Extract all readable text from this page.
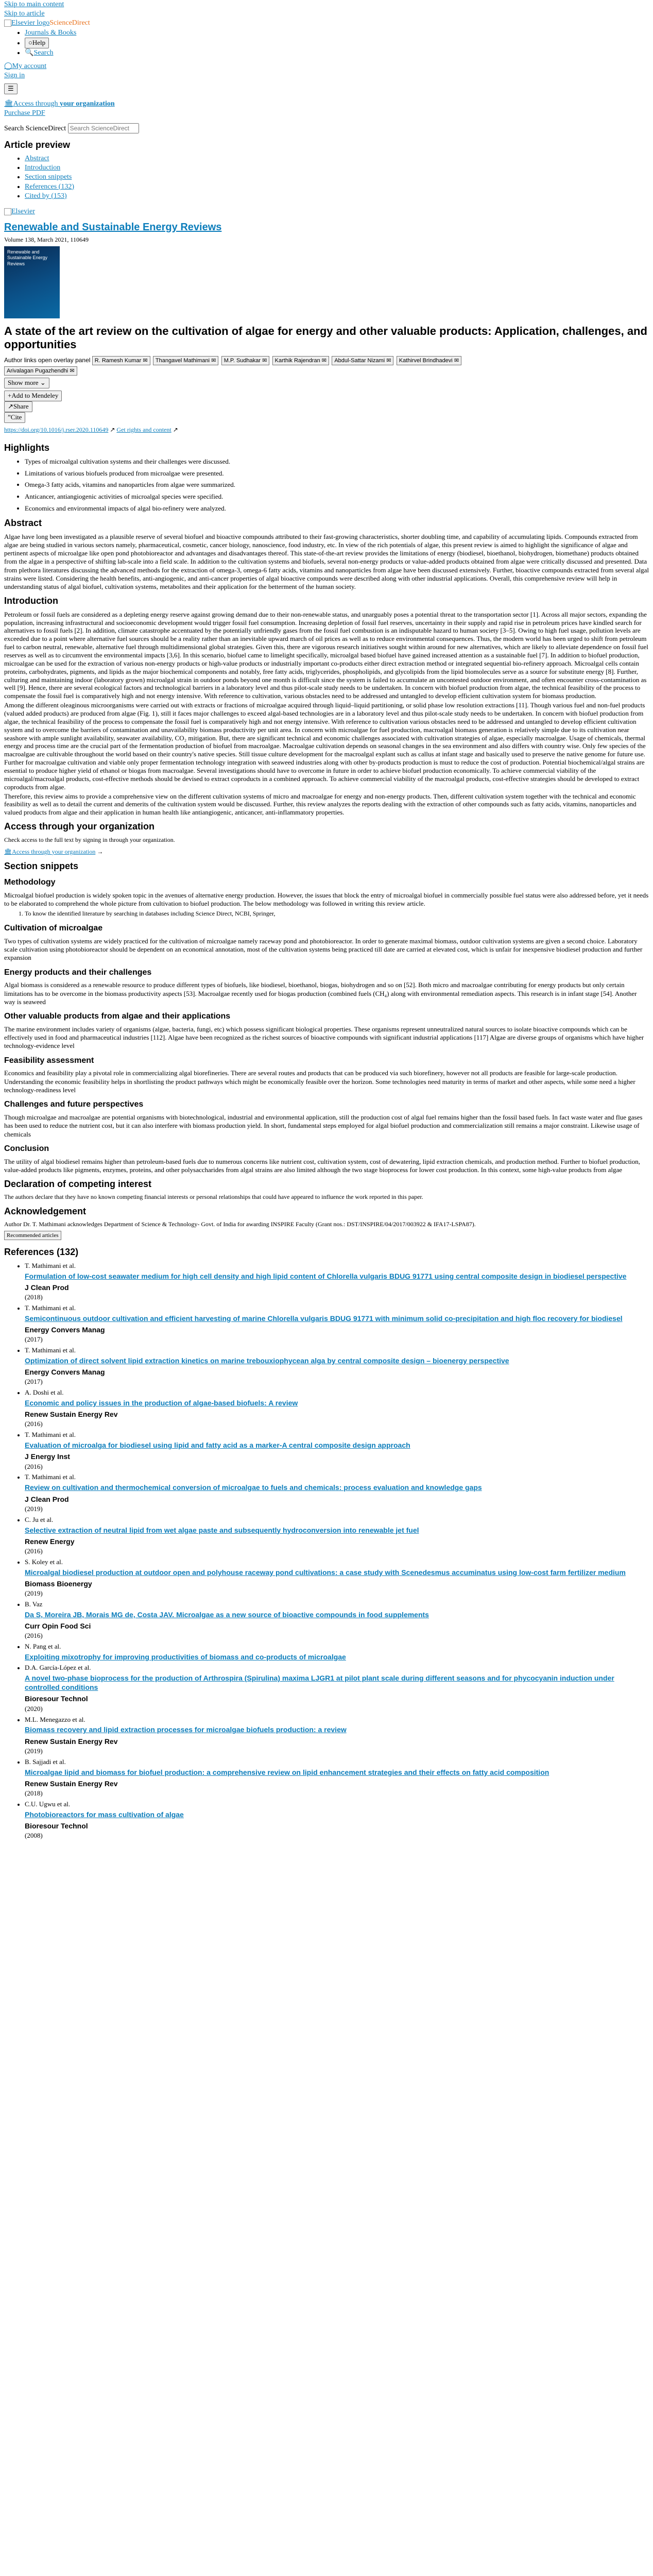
Skip to main content
Skip to article
Elsevier logoScienceDirect
• Journals & Books
• ○Help
• 🔍Search
◯My account
Sign in
☰
🏛Access through your organization
Purchase PDF
Search ScienceDirect Search ScienceDirect
Article preview
• Abstract
• Introduction
• Section snippets
• References (132)
• Cited by (153)
Elsevier
Renewable and Sustainable Energy Reviews
Volume 138, March 2021, 110649
Renewable and Sustainable Energy Reviews
A state of the art review on the cultivation of algae for energy and other valuable products: Application, challenges, and opportunities
Author links open overlay panel R. Ramesh Kumar ✉ Thangavel Mathimani ✉ M.P. Sudhakar ✉ Karthik Rajendran ✉ Abdul-Sattar Nizami ✉ Kathirvel Brindhadevi ✉
Arivalagan Pugazhendhi ✉
Show more ⌄
+Add to Mendeley
↗Share
”Cite
https://doi.org/10.1016/j.rser.2020.110649 ↗ Get rights and content ↗
Highlights
• Types of microalgal cultivation systems and their challenges were discussed.
• Limitations of various biofuels produced from microalgae were presented.
• Omega-3 fatty acids, vitamins and nanoparticles from algae were summarized.
• Anticancer, antiangiogenic activities of microalgal species were specified.
• Economics and environmental impacts of algal bio-refinery were analyzed.
Abstract

Algae have long been investigated as a plausible reserve of several biofuel and bioactive compounds attributed to their fast-growing characteristics, shorter doubling time, and capability of accumulating lipids. Compounds extracted from algae are being studied in various sectors namely, pharmaceutical, cosmetic, cancer biology, nanoscience, food industry, etc. In view of the rich potentials of algae, this present review is aimed to highlight the significance of algae and pertinent aspects of microalgae like open pond photobioreactor and advantages and disadvantages thereof. This state-of-the-art review provides the limitations of energy (biodiesel, bioethanol, biohydrogen, biomethane) products obtained from the algae in a perspective of shifting lab-scale into a field scale. In addition to the cultivation systems and biofuels, several non-energy products or value-added products obtained from algae were critically discussed and presented. Data from plethora literatures discussing the advanced methods for the extraction of omega-3, omega-6 fatty acids, vitamins and nanoparticles from algae have been discussed extensively. Further, bioactive compounds extracted from several algal strains were listed. Considering the health benefits, anti-angiogenic, and anti-cancer properties of algal bioactive compounds were described along with other industrial applications. Overall, this comprehensive review will help in understanding status of algal biofuel, cultivation systems, metabolites and their application for the betterment of the human society.

Introduction

Petroleum or fossil fuels are considered as a depleting energy reserve against growing demand due to their non-renewable status, and unarguably poses a potential threat to the transportation sector [1]. Across all major sectors, expanding the population, increasing infrastructural and socioeconomic development would trigger fossil fuel consumption. Increasing depletion of fossil fuel reserves, uncertainty in their supply and rapid rise in petroleum prices have kindled search for alternatives to fossil fuels [2]. In addition, climate catastrophe accentuated by the potentially unfriendly gases from the fossil fuel combustion is an indisputable hazard to human society [3–5]. Owing to high fuel usage, pollution levels are exceeded due to a point where alternative fuel sources should be a reality rather than an inevitable upward march of oil prices as well as to reduce environmental consequences. Thus, the modern world has been urged to shift from petroleum fuel to carbon neutral, renewable, alternative fuel through multidimensional global strategies. Given this, there are vigorous research initiatives sought within around for new alternatives, which are likely to alleviate dependence on fossil fuel reserves as well as to circumvent the environmental impacts [3,6]. In this scenario, biofuel came to limelight specifically, microalgal based biofuel have gained increased attention as a sustainable fuel [7]. In addition to biofuel production, microalgae can be used for the extraction of various non-energy products or high-value products or industrially important co-products either direct extraction method or integrated sequential bio-refinery approach. Microalgal cells contain proteins, carbohydrates, pigments, and lipids as the major biochemical components and notably, free fatty acids, triglycerides, phospholipids, and glycolipids from the lipid biomolecules serve as a source for substitute energy [8]. Further, culturing and maintaining indoor (laboratory grown) microalgal strain in outdoor ponds beyond one month is difficult since the system is failed to accumulate an uncontested outdoor environment, and often encounter cross-contamination as well [9]. Hence, there are several ecological factors and technological barriers in a laboratory level and thus pilot-scale study needs to be undertaken. In concern with biofuel production from algae, the technical feasibility of the process to compensate the fossil fuel is comparatively high and not energy intensive. With reference to cultivation, various obstacles need to be addressed and untangled to develop efficient cultivation system for biomass production.

Among the different oleaginous microorganisms were carried out with extracts or fractions of microalgae acquired through liquid–liquid partitioning, or solid phase low resolution extractions [11]. Though various fuel and non-fuel products (valued added products) are produced from algae (Fig. 1), still it faces major challenges to exceed algal-based technologies are in a laboratory level and thus pilot-scale study needs to be undertaken. In concern with biofuel production from algae, the technical feasibility of the process to compensate the fossil fuel is comparatively high and not energy intensive. With reference to cultivation various obstacles need to be addressed and untangled to develop efficient cultivation system and to overcome the barriers of contamination and unavailability biomass productivity per unit area. In concern with microalgae for fuel production, macroalgal biomass generation is relatively simple due to its cultivation near seashore with ample sunlight availability, seawater availability, CO₂ mitigation. But, there are significant technical and economic challenges associated with cultivation strategies of algae, especially macroalgae. Usage of chemicals, thermal energy and process time are the crucial part of the fermentation production of biofuel from macroalgae. Macroalgae cultivation depends on seasonal changes in the sea environment and also differs with country wise. Only few species of the macroalgae are cultivable throughout the world based on their country's native species. Still tissue culture development for the macroalgal explant such as callus at infant stage and basically used to preserve the native genome for future use. Further for macroalgae cultivation and viable only proper fermentation technology integration with seaweed industries along with other by-products production is must to reduce the cost of production. Potential biochemical/algal strains are essential to produce higher yield of ethanol or biogas from macroalgae. Several investigations should have to overcome in future in order to achieve biofuel production economically. To achieve commercial viability of the microalgal/macroalgal products, cost-effective methods should be devised to extract coproducts in a combined approach. To achieve commercial viability of the macroalgal products, cost-effective strategies should be developed to extract coproducts from algae.

Therefore, this review aims to provide a comprehensive view on the different cultivation systems of micro and macroalgae for energy and non-energy products. Then, different cultivation system together with the technical and economic feasibility as well as to detail the current and demerits of the cultivation system would be discussed. Further, this review analyzes the reports dealing with the extraction of other compounds such as fatty acids, vitamins, nanoparticles and valued products from algae and their application in human health like antiangiogenic, anticancer, anti-inflammatory properties.

Access through your organization

Check access to the full text by signing in through your organization.

🏛Access through your organization →
Section snippets
Methodology

Microalgal biofuel production is widely spoken topic in the avenues of alternative energy production. However, the issues that block the entry of microalgal biofuel in commercially possible fuel status were also addressed before, yet it needs to be elaborated to comprehend the whole picture from cultivation to biofuel production. The below methodology was followed in writing this review article.

1. To know the identified literature by searching in databases including Science Direct, NCBI, Springer,
Cultivation of microalgae

Two types of cultivation systems are widely practiced for the cultivation of microalgae namely raceway pond and photobioreactor. In order to generate maximal biomass, outdoor cultivation systems are given a second choice. Laboratory scale cultivation using photobioreactor should be dependent on an economical annotation, most of the cultivation systems being practiced till date are carried at elevated cost, which is unfair for inexpensive biodiesel production and further expansion

Energy products and their challenges

Algal biomass is considered as a renewable resource to produce different types of biofuels, like biodiesel, bioethanol, biogas, biohydrogen and so on [52]. Both micro and macroalgae contributing for energy products but only certain limitations has to be overcome in the biomass productivity aspects [53]. Macroalgae recently used for biogas production (combined fuels (CH₄) along with environmental remediation aspects. This research is in infant stage [54]. Another way is seaweed

Other valuable products from algae and their applications

The marine environment includes variety of organisms (algae, bacteria, fungi, etc) which possess significant biological properties. These organisms represent unneutralized natural sources to isolate bioactive compounds which can be effectively used in food and pharmaceutical industries [112]. Algae have been recognized as the richest sources of bioactive compounds with significant industrial applications [117] Algae are diverse groups of organisms which have higher technology-evidence level

Feasibility assessment

Economics and feasibility play a pivotal role in commercializing algal biorefineries. There are several routes and products that can be produced via such biorefinery, however not all products are feasible for large-scale production. Understanding the economic feasibility helps in shortlisting the product pathways which might be economically feasible over the horizon. Some technologies need maturity in terms of market and other aspects, while some need a higher technology-readiness level

Challenges and future perspectives

Though microalgae and macroalgae are potential organisms with biotechnological, industrial and environmental application, still the production cost of algal fuel remains higher than the fossil based fuels. In fact waste water and flue gases has been used to reduce the nutrient cost, but it can also interfere with biomass production yield. In short, fundamental steps employed for algal biofuel production and commercialization still remains a major constraint. Likewise usage of chemicals

Conclusion

The utility of algal biodiesel remains higher than petroleum-based fuels due to numerous concerns like nutrient cost, cultivation system, cost of dewatering, lipid extraction chemicals, and production method. Further to biofuel production, value-added products like pigments, enzymes, proteins, and other polysaccharides from algal strains are also limited although the two stage bioprocess for lower cost production. In this context, some high-value products from algae

Declaration of competing interest

The authors declare that they have no known competing financial interests or personal relationships that could have appeared to influence the work reported in this paper.

Acknowledgement

Author Dr. T. Mathimani acknowledges Department of Science & Technology- Govt. of India for awarding INSPIRE Faculty (Grant nos.: DST/INSPIRE/04/2017/003922 & IFA17-LSPA87).

Recommended articles
References (132)
• T. Mathimani et al.
Formulation of low-cost seawater medium for high cell density and high lipid content of Chlorella vulgaris BDUG 91771 using central composite design in biodiesel perspective
J Clean Prod
(2018)
• T. Mathimani et al.
Semicontinuous outdoor cultivation and efficient harvesting of marine Chlorella vulgaris BDUG 91771 with minimum solid co-precipitation and high floc recovery for biodiesel
Energy Convers Manag
(2017)
• T. Mathimani et al.
Optimization of direct solvent lipid extraction kinetics on marine trebouxiophycean alga by central composite design – bioenergy perspective
Energy Convers Manag
(2017)
• A. Doshi et al.
Economic and policy issues in the production of algae-based biofuels: A review
Renew Sustain Energy Rev
(2016)
• T. Mathimani et al.
Evaluation of microalga for biodiesel using lipid and fatty acid as a marker-A central composite design approach
J Energy Inst
(2016)
• T. Mathimani et al.
Review on cultivation and thermochemical conversion of microalgae to fuels and chemicals: process evaluation and knowledge gaps
J Clean Prod
(2019)
• C. Ju et al.
Selective extraction of neutral lipid from wet algae paste and subsequently hydroconversion into renewable jet fuel
Renew Energy
(2016)
• S. Koley et al.
Microalgal biodiesel production at outdoor open and polyhouse raceway pond cultivations: a case study with Scenedesmus accuminatus using low-cost farm fertilizer medium
Biomass Bioenergy
(2019)
• B. Vaz
Da S, Moreira JB, Morais MG de, Costa JAV. Microalgae as a new source of bioactive compounds in food supplements
Curr Opin Food Sci
(2016)
• N. Pang et al.
Exploiting mixotrophy for improving productivities of biomass and co-products of microalgae
• D.A. García-López et al.
A novel two-phase bioprocess for the production of Arthrospira (Spirulina) maxima LJGR1 at pilot plant scale during different seasons and for phycocyanin induction under controlled conditions
Bioresour Technol
(2020)
• M.L. Menegazzo et al.
Biomass recovery and lipid extraction processes for microalgae biofuels production: a review
Renew Sustain Energy Rev
(2019)
• B. Sajjadi et al.
Microalgae lipid and biomass for biofuel production: a comprehensive review on lipid enhancement strategies and their effects on fatty acid composition
Renew Sustain Energy Rev
(2018)
• C.U. Ugwu et al.
Photobioreactors for mass cultivation of algae
Bioresour Technol
(2008)
